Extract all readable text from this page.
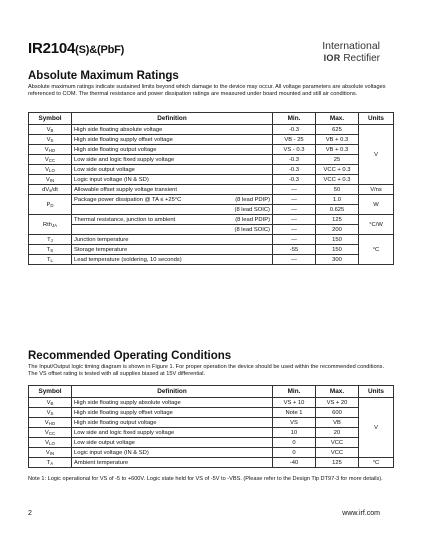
IR2104(S)&(PbF)	International
IOR Rectifier
Absolute Maximum Ratings
Absolute maximum ratings indicate sustained limits beyond which damage to the device may occur. All voltage parameters are absolute voltages referenced to COM. The thermal resistance and power dissipation ratings are measured under board mounted and still air conditions.
Symbol	Definition	Min.	Max.	Units
$V_B$	High side floating absolute voltage	-0.3	625	V
$V_S$	High side floating supply offset voltage	VB - 25	VB + 0.3	
$V_{HO}$	High side floating output voltage	VS - 0.3	VB + 0.3	
$V_{CC}$	Low side and logic fixed supply voltage	-0.3	25	
$V_{LO}$	Low side output voltage	-0.3	VCC + 0.3	
$V_{IN}$	Logic input voltage (IN & SD)	-0.3	VCC + 0.3	
$dV_s/dt$	Allowable offset supply voltage transient	—	50	V/ns
$P_D$	Package power dissipation @ TA ≤ +25°C (8 lead PDIP)	—	1.0	W

	(8 lead SOIC)	—	0.625	
Rth$_{JA}$	Thermal resistance, junction to ambient (8 lead PDIP)	—	125	°C/W

	(8 lead SOIC)	—	200	
$T_J$	Junction temperature	—	150	°C
$T_S$	Storage temperature	-55	150	
$T_L$	Lead temperature (soldering, 10 seconds)	—	300	
Recommended Operating Conditions
The Input/Output logic timing diagram is shown in Figure 1. For proper operation the device should be used within the recommended conditions. The VS offset rating is tested with all supplies biased at 15V differential.
Symbol	Definition	Min.	Max.	Units
$V_B$	High side floating supply absolute voltage	VS + 10	VS + 20	V
$V_S$	High side floating supply offset voltage	Note 1	600	
$V_{HO}$	High side floating output voltage	VS	VB	
$V_{CC}$	Low side and logic fixed supply voltage	10	20	
$V_{LO}$	Low side output voltage	0	VCC	
$V_{IN}$	Logic input voltage (IN & SD)	0	VCC	
$T_A$	Ambient temperature	-40	125	°C
Note 1: Logic operational for VS of -5 to +600V. Logic state held for VS of -5V to -VBS. (Please refer to the Design Tip DT97-3 for more details).
2	www.irf.com
